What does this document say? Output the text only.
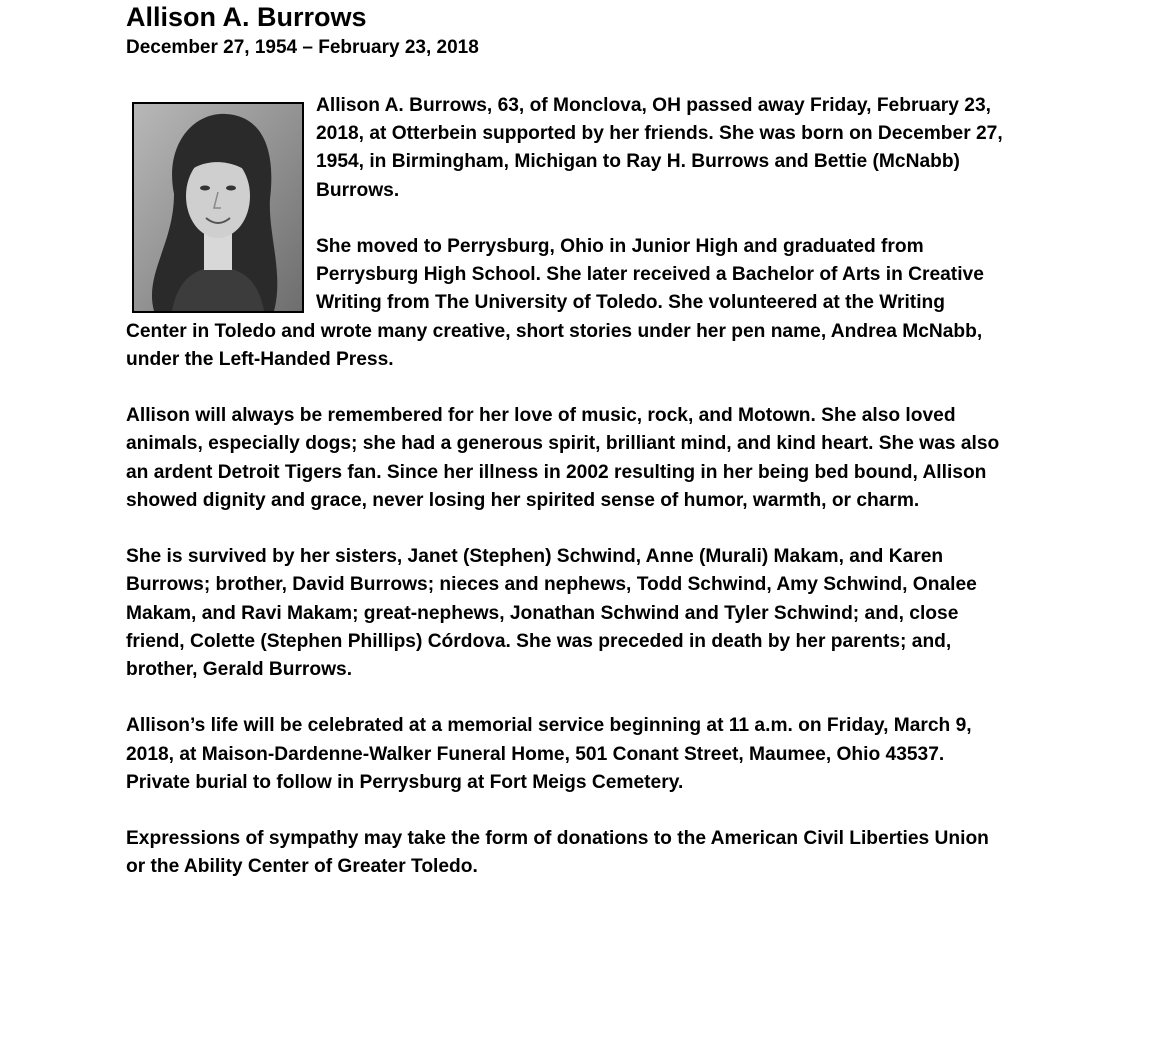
Allison A. Burrows
December 27, 1954 – February 23, 2018

Allison A. Burrows, 63, of Monclova, OH passed away Friday, February 23, 2018, at Otterbein supported by her friends. She was born on December 27, 1954, in Birmingham, Michigan to Ray H. Burrows and Bettie (McNabb) Burrows.

She moved to Perrysburg, Ohio in Junior High and graduated from Perrysburg High School. She later received a Bachelor of Arts in Creative Writing from The University of Toledo. She volunteered at the Writing Center in Toledo and wrote many creative, short stories under her pen name, Andrea McNabb, under the Left-Handed Press.

Allison will always be remembered for her love of music, rock, and Motown. She also loved animals, especially dogs; she had a generous spirit, brilliant mind, and kind heart. She was also an ardent Detroit Tigers fan. Since her illness in 2002 resulting in her being bed bound, Allison showed dignity and grace, never losing her spirited sense of humor, warmth, or charm.

She is survived by her sisters, Janet (Stephen) Schwind, Anne (Murali) Makam, and Karen Burrows; brother, David Burrows; nieces and nephews, Todd Schwind, Amy Schwind, Onalee Makam, and Ravi Makam; great-nephews, Jonathan Schwind and Tyler Schwind; and, close friend, Colette (Stephen Phillips) Córdova. She was preceded in death by her parents; and, brother, Gerald Burrows.

Allison’s life will be celebrated at a memorial service beginning at 11 a.m. on Friday, March 9, 2018, at Maison-Dardenne-Walker Funeral Home, 501 Conant Street, Maumee, Ohio 43537. Private burial to follow in Perrysburg at Fort Meigs Cemetery.

Expressions of sympathy may take the form of donations to the American Civil Liberties Union or the Ability Center of Greater Toledo.
